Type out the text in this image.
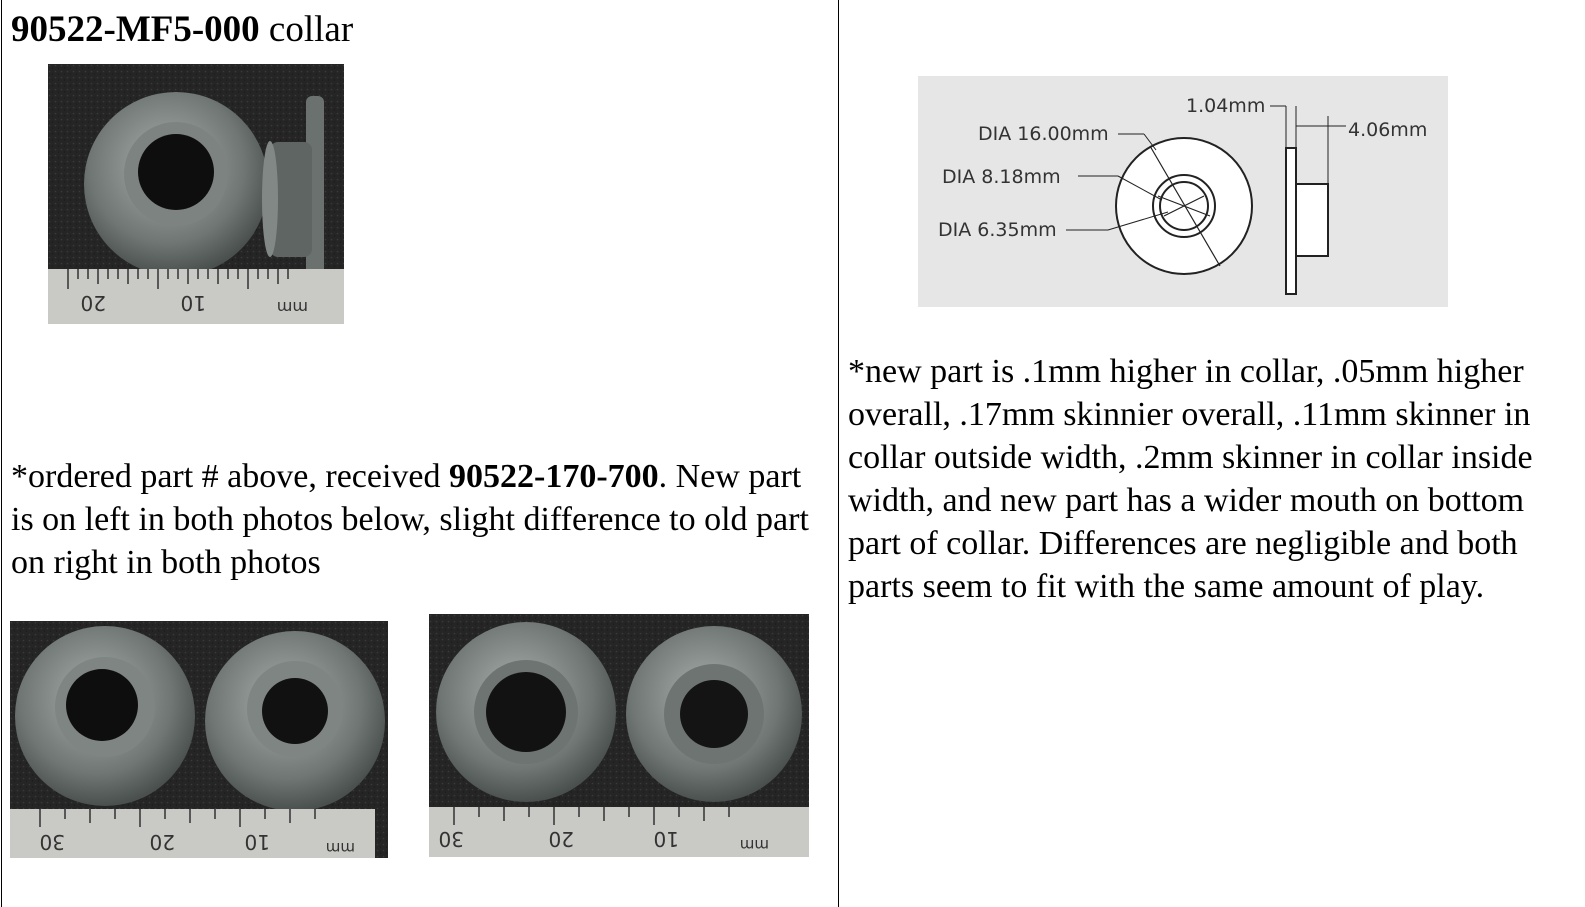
90522-MF5-000 collar
20	10	mm
*ordered part # above, received 90522-170-700. New part is on left in both photos below, slight difference to old part on right in both photos
30	20	10	mm	30	20	10	mm
1.04mm
4.06mm
DIA 16.00mm
DIA 8.18mm
DIA 6.35mm
*new part is .1mm higher in collar, .05mm higher overall, .17mm skinnier overall, .11mm skinner in collar outside width, .2mm skinner in collar inside width, and new part has a wider mouth on bottom part of collar. Differences are negligible and both parts seem to fit with the same amount of play.
